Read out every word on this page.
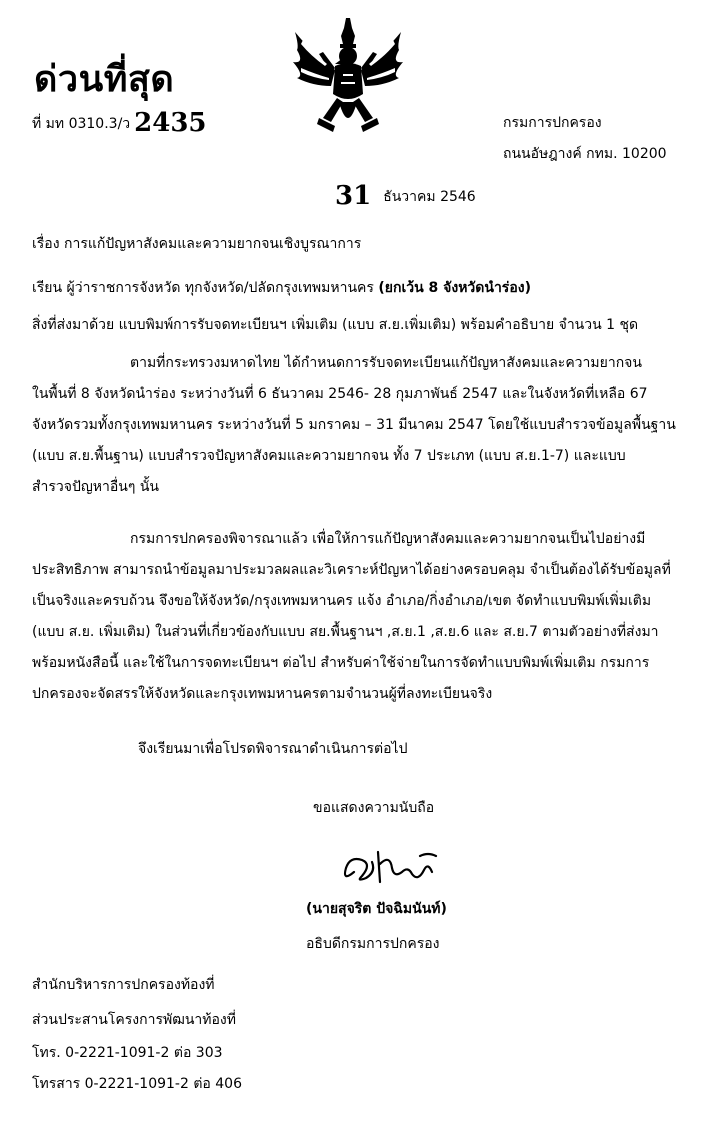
ด่วนที่สุด
ที่ มท 0310.3/ว 2435	กรมการปกครอง
ถนนอัษฎางค์ กทม. 10200
31 ธันวาคม 2546
เรื่อง การแก้ปัญหาสังคมและความยากจนเชิงบูรณาการ
เรียน ผู้ว่าราชการจังหวัด ทุกจังหวัด/ปลัดกรุงเทพมหานคร (ยกเว้น 8 จังหวัดนำร่อง)
สิ่งที่ส่งมาด้วย แบบพิมพ์การรับจดทะเบียนฯ เพิ่มเติม (แบบ ส.ย.เพิ่มเติม) พร้อมคำอธิบาย จำนวน 1 ชุด
ตามที่กระทรวงมหาดไทย ได้กำหนดการรับจดทะเบียนแก้ปัญหาสังคมและความยากจน
ในพื้นที่ 8 จังหวัดนำร่อง ระหว่างวันที่ 6 ธันวาคม 2546- 28 กุมภาพันธ์ 2547 และในจังหวัดที่เหลือ 67
จังหวัดรวมทั้งกรุงเทพมหานคร ระหว่างวันที่ 5 มกราคม – 31 มีนาคม 2547 โดยใช้แบบสำรวจข้อมูลพื้นฐาน
(แบบ ส.ย.พื้นฐาน) แบบสำรวจปัญหาสังคมและความยากจน ทั้ง 7 ประเภท (แบบ ส.ย.1-7) และแบบ
สำรวจปัญหาอื่นๆ นั้น
กรมการปกครองพิจารณาแล้ว เพื่อให้การแก้ปัญหาสังคมและความยากจนเป็นไปอย่างมี
ประสิทธิภาพ สามารถนำข้อมูลมาประมวลผลและวิเคราะห์ปัญหาได้อย่างครอบคลุม จำเป็นต้องได้รับข้อมูลที่
เป็นจริงและครบถ้วน จึงขอให้จังหวัด/กรุงเทพมหานคร แจ้ง อำเภอ/กิ่งอำเภอ/เขต จัดทำแบบพิมพ์เพิ่มเติม
(แบบ ส.ย. เพิ่มเติม) ในส่วนที่เกี่ยวข้องกับแบบ สย.พื้นฐานฯ ,ส.ย.1 ,ส.ย.6 และ ส.ย.7 ตามตัวอย่างที่ส่งมา
พร้อมหนังสือนี้ และใช้ในการจดทะเบียนฯ ต่อไป สำหรับค่าใช้จ่ายในการจัดทำแบบพิมพ์เพิ่มเติม กรมการ
ปกครองจะจัดสรรให้จังหวัดและกรุงเทพมหานครตามจำนวนผู้ที่ลงทะเบียนจริง
จึงเรียนมาเพื่อโปรดพิจารณาดำเนินการต่อไป
ขอแสดงความนับถือ
(นายสุจริต ปัจฉิมนันท์)
อธิบดีกรมการปกครอง
สำนักบริหารการปกครองท้องที่
ส่วนประสานโครงการพัฒนาท้องที่
โทร. 0-2221-1091-2 ต่อ 303
โทรสาร 0-2221-1091-2 ต่อ 406
